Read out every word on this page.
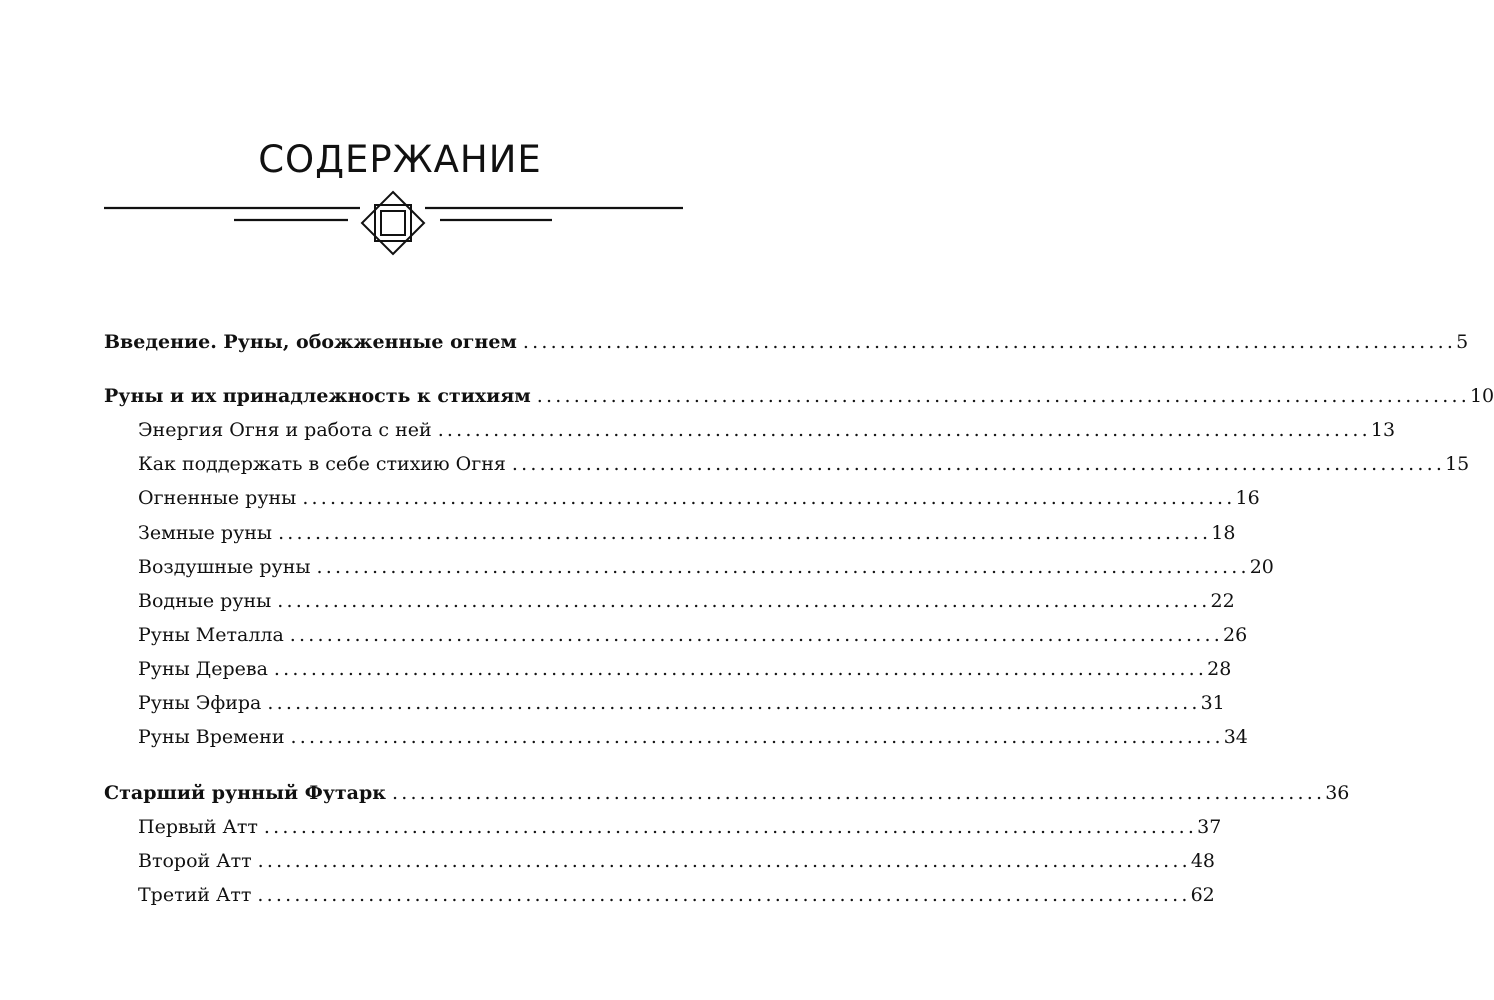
СОДЕРЖАНИЕ
Введение. Руны, обожженные огнем ..................................................................................................... 5
Руны и их принадлежность к стихиям ..................................................................................................... 10
Энергия Огня и работа с ней ..................................................................................................... 13
Как поддержать в себе стихию Огня ..................................................................................................... 15
Огненные руны ..................................................................................................... 16
Земные руны ..................................................................................................... 18
Воздушные руны ..................................................................................................... 20
Водные руны ..................................................................................................... 22
Руны Металла ..................................................................................................... 26
Руны Дерева ..................................................................................................... 28
Руны Эфира ..................................................................................................... 31
Руны Времени ..................................................................................................... 34
Старший рунный Футарк ..................................................................................................... 36
Первый Атт ..................................................................................................... 37
Второй Атт ..................................................................................................... 48
Третий Атт ..................................................................................................... 62
